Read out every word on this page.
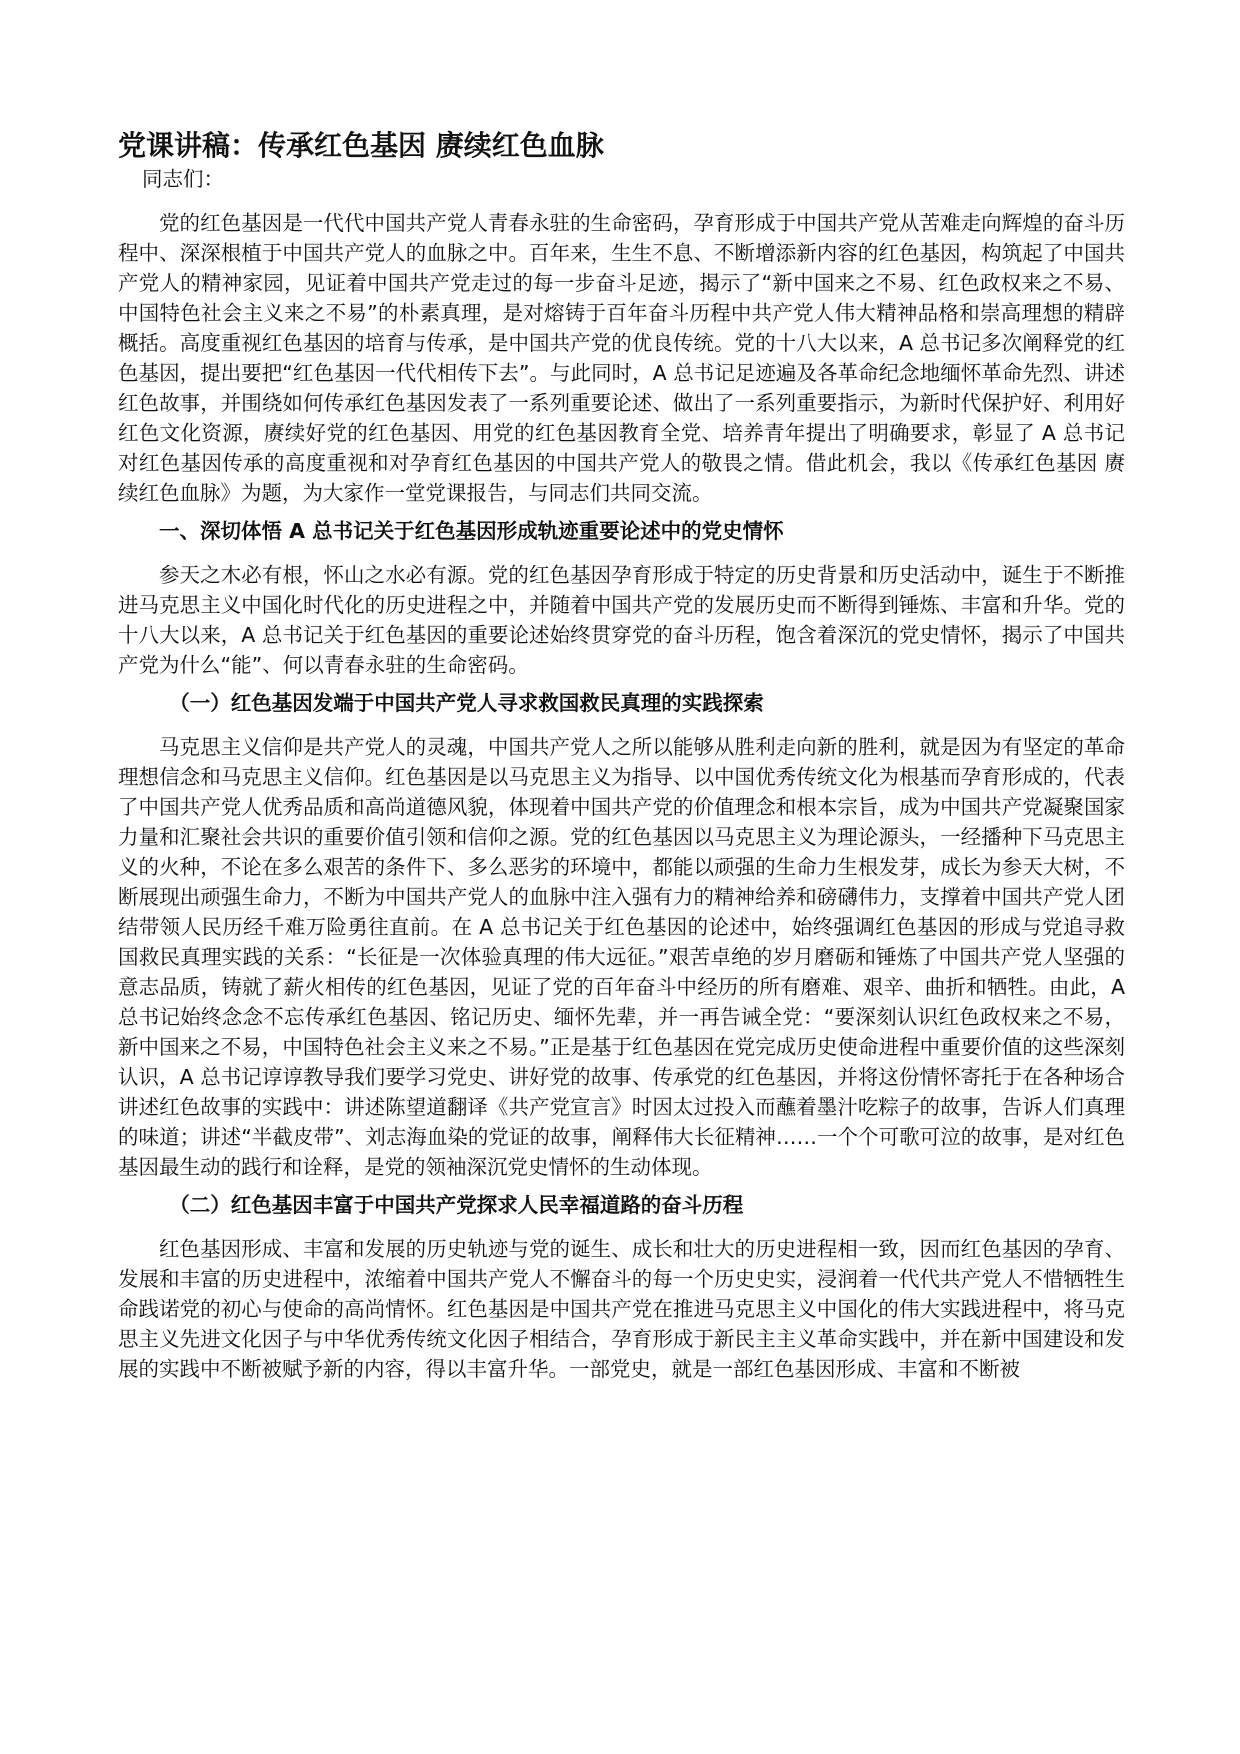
党课讲稿：传承红色基因 赓续红色血脉

同志们：

党的红色基因是一代代中国共产党人青春永驻的生命密码，孕育形成于中国共产党从苦难走向辉煌的奋斗历程中、深深根植于中国共产党人的血脉之中。百年来，生生不息、不断增添新内容的红色基因，构筑起了中国共产党人的精神家园，见证着中国共产党走过的每一步奋斗足迹，揭示了“新中国来之不易、红色政权来之不易、中国特色社会主义来之不易”的朴素真理，是对熔铸于百年奋斗历程中共产党人伟大精神品格和崇高理想的精辟概括。高度重视红色基因的培育与传承，是中国共产党的优良传统。党的十八大以来，A 总书记多次阐释党的红色基因，提出要把“红色基因一代代相传下去”。与此同时，A 总书记足迹遍及各革命纪念地缅怀革命先烈、讲述红色故事，并围绕如何传承红色基因发表了一系列重要论述、做出了一系列重要指示，为新时代保护好、利用好红色文化资源，赓续好党的红色基因、用党的红色基因教育全党、培养青年提出了明确要求，彰显了 A 总书记对红色基因传承的高度重视和对孕育红色基因的中国共产党人的敬畏之情。借此机会，我以《传承红色基因 赓续红色血脉》为题，为大家作一堂党课报告，与同志们共同交流。

一、深切体悟 A 总书记关于红色基因形成轨迹重要论述中的党史情怀

参天之木必有根，怀山之水必有源。党的红色基因孕育形成于特定的历史背景和历史活动中，诞生于不断推进马克思主义中国化时代化的历史进程之中，并随着中国共产党的发展历史而不断得到锤炼、丰富和升华。党的十八大以来，A 总书记关于红色基因的重要论述始终贯穿党的奋斗历程，饱含着深沉的党史情怀，揭示了中国共产党为什么“能”、何以青春永驻的生命密码。

（一）红色基因发端于中国共产党人寻求救国救民真理的实践探索

马克思主义信仰是共产党人的灵魂，中国共产党人之所以能够从胜利走向新的胜利，就是因为有坚定的革命理想信念和马克思主义信仰。红色基因是以马克思主义为指导、以中国优秀传统文化为根基而孕育形成的，代表了中国共产党人优秀品质和高尚道德风貌，体现着中国共产党的价值理念和根本宗旨，成为中国共产党凝聚国家力量和汇聚社会共识的重要价值引领和信仰之源。党的红色基因以马克思主义为理论源头，一经播种下马克思主义的火种，不论在多么艰苦的条件下、多么恶劣的环境中，都能以顽强的生命力生根发芽，成长为参天大树，不断展现出顽强生命力，不断为中国共产党人的血脉中注入强有力的精神给养和磅礴伟力，支撑着中国共产党人团结带领人民历经千难万险勇往直前。在 A 总书记关于红色基因的论述中，始终强调红色基因的形成与党追寻救国救民真理实践的关系：“长征是一次体验真理的伟大远征。”艰苦卓绝的岁月磨砺和锤炼了中国共产党人坚强的意志品质，铸就了薪火相传的红色基因，见证了党的百年奋斗中经历的所有磨难、艰辛、曲折和牺牲。由此，A 总书记始终念念不忘传承红色基因、铭记历史、缅怀先辈，并一再告诫全党：“要深刻认识红色政权来之不易，新中国来之不易，中国特色社会主义来之不易。”正是基于红色基因在党完成历史使命进程中重要价值的这些深刻认识，A 总书记谆谆教导我们要学习党史、讲好党的故事、传承党的红色基因，并将这份情怀寄托于在各种场合讲述红色故事的实践中：讲述陈望道翻译《共产党宣言》时因太过投入而蘸着墨汁吃粽子的故事，告诉人们真理的味道；讲述“半截皮带”、刘志海血染的党证的故事，阐释伟大长征精神……一个个可歌可泣的故事，是对红色基因最生动的践行和诠释，是党的领袖深沉党史情怀的生动体现。

（二）红色基因丰富于中国共产党探求人民幸福道路的奋斗历程

红色基因形成、丰富和发展的历史轨迹与党的诞生、成长和壮大的历史进程相一致，因而红色基因的孕育、发展和丰富的历史进程中，浓缩着中国共产党人不懈奋斗的每一个历史史实，浸润着一代代共产党人不惜牺牲生命践诺党的初心与使命的高尚情怀。红色基因是中国共产党在推进马克思主义中国化的伟大实践进程中，将马克思主义先进文化因子与中华优秀传统文化因子相结合，孕育形成于新民主主义革命实践中，并在新中国建设和发展的实践中不断被赋予新的内容，得以丰富升华。一部党史，就是一部红色基因形成、丰富和不断被
